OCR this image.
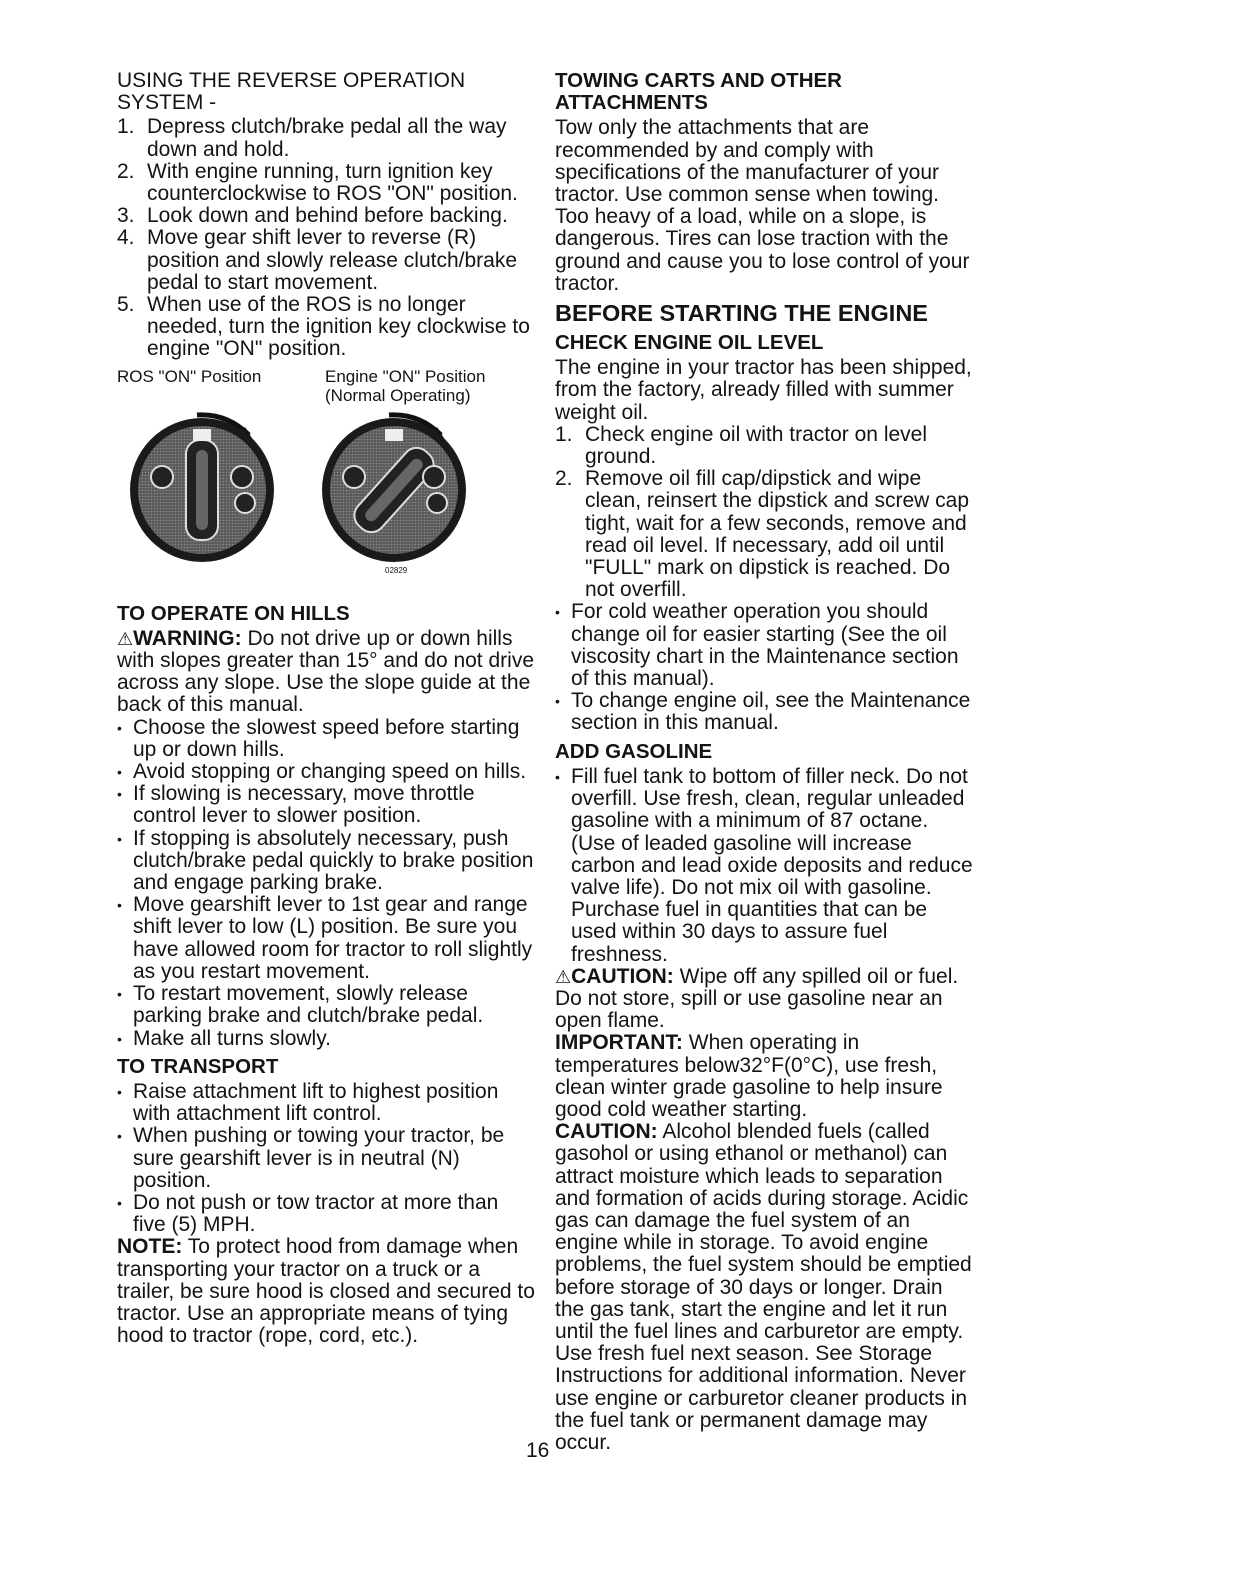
USING THE REVERSE OPERATION
SYSTEM -

1. Depress clutch/brake pedal all the way down and hold.
2. With engine running, turn ignition key counterclockwise to ROS "ON" position.
3. Look down and behind before backing.
4. Move gear shift lever to reverse (R) position and slowly release clutch/brake pedal to start movement.
5. When use of the ROS is no longer needed, turn the ignition key clockwise to engine "ON" position.
ROS "ON" Position	Engine "ON" Position
(Normal Operating)
02829
TO OPERATE ON HILLS

⚠WARNING: Do not drive up or down hills with slopes greater than 15° and do not drive across any slope. Use the slope guide at the back of this manual.

• Choose the slowest speed before starting up or down hills.
• Avoid stopping or changing speed on hills.
• If slowing is necessary, move throttle control lever to slower position.
• If stopping is absolutely necessary, push clutch/brake pedal quickly to brake position and engage parking brake.
• Move gearshift lever to 1st gear and range shift lever to low (L) position. Be sure you have allowed room for tractor to roll slightly as you restart movement.
• To restart movement, slowly release parking brake and clutch/brake pedal.
• Make all turns slowly.
TO TRANSPORT
• Raise attachment lift to highest position with attachment lift control.
• When pushing or towing your tractor, be sure gearshift lever is in neutral (N) position.
• Do not push or tow tractor at more than five (5) MPH.

NOTE: To protect hood from damage when transporting your tractor on a truck or a trailer, be sure hood is closed and secured to tractor. Use an appropriate means of tying hood to tractor (rope, cord, etc.).

TOWING CARTS AND OTHER ATTACHMENTS

Tow only the attachments that are recommended by and comply with specifications of the manufacturer of your tractor. Use common sense when towing. Too heavy of a load, while on a slope, is dangerous. Tires can lose traction with the ground and cause you to lose control of your tractor.

BEFORE STARTING THE ENGINE
CHECK ENGINE OIL LEVEL

The engine in your tractor has been shipped, from the factory, already filled with summer weight oil.

1. Check engine oil with tractor on level ground.
2. Remove oil fill cap/dipstick and wipe clean, reinsert the dipstick and screw cap tight, wait for a few seconds, remove and read oil level. If necessary, add oil until "FULL" mark on dipstick is reached. Do not overfill.
• For cold weather operation you should change oil for easier starting (See the oil viscosity chart in the Maintenance section of this manual).
• To change engine oil, see the Maintenance section in this manual.
ADD GASOLINE
• Fill fuel tank to bottom of filler neck. Do not overfill. Use fresh, clean, regular unleaded gasoline with a minimum of 87 octane. (Use of leaded gasoline will increase carbon and lead oxide deposits and reduce valve life). Do not mix oil with gasoline. Purchase fuel in quantities that can be used within 30 days to assure fuel freshness.

⚠CAUTION: Wipe off any spilled oil or fuel. Do not store, spill or use gasoline near an open flame.

IMPORTANT: When operating in temperatures below32°F(0°C), use fresh, clean winter grade gasoline to help insure good cold weather starting.

CAUTION: Alcohol blended fuels (called gasohol or using ethanol or methanol) can attract moisture which leads to separation and formation of acids during storage. Acidic gas can damage the fuel system of an engine while in storage. To avoid engine problems, the fuel system should be emptied before storage of 30 days or longer. Drain the gas tank, start the engine and let it run until the fuel lines and carburetor are empty. Use fresh fuel next season. See Storage Instructions for additional information. Never use engine or carburetor cleaner products in the fuel tank or permanent damage may occur.

16
